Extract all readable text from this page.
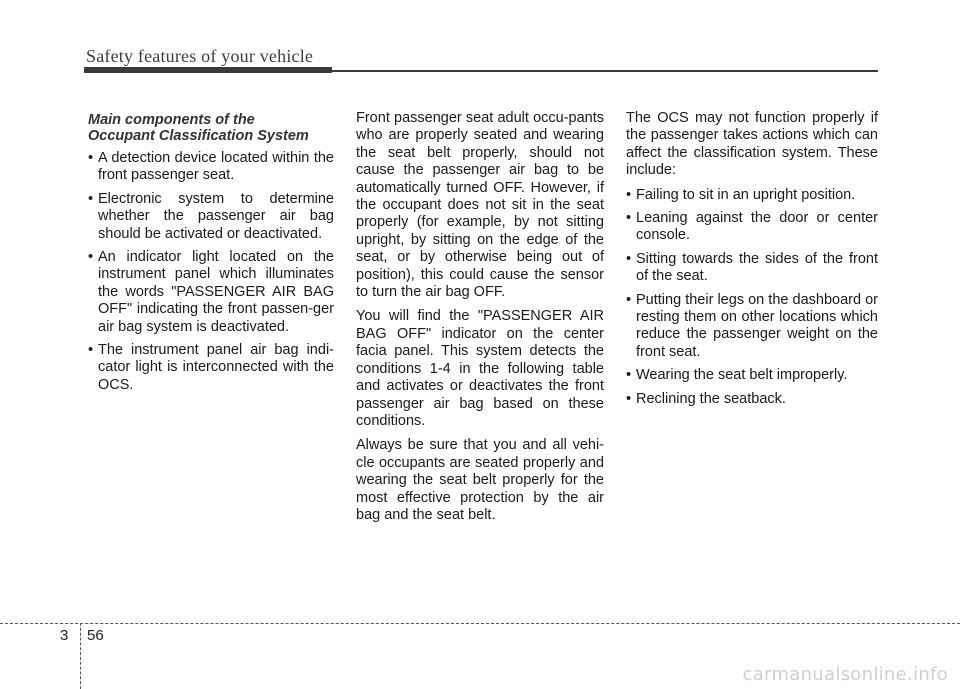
Safety features of your vehicle
Main components of the
Occupant Classification System
• A detection device located within the front passenger seat.
• Electronic system to determine whether the passenger air bag should be activated or deactivated.
• An indicator light located on the instrument panel which illuminates the words "PASSENGER AIR BAG OFF" indicating the front passen-ger air bag system is deactivated.
• The instrument panel air bag indi-cator light is interconnected with the OCS.

Front passenger seat adult occu-pants who are properly seated and wearing the seat belt properly, should not cause the passenger air bag to be automatically turned OFF. However, if the occupant does not sit in the seat properly (for example, by not sitting upright, by sitting on the edge of the seat, or by otherwise being out of position), this could cause the sensor to turn the air bag OFF.

You will find the "PASSENGER AIR BAG OFF" indicator on the center facia panel. This system detects the conditions 1-4 in the following table and activates or deactivates the front passenger air bag based on these conditions.

Always be sure that you and all vehi-cle occupants are seated properly and wearing the seat belt properly for the most effective protection by the air bag and the seat belt.

The OCS may not function properly if the passenger takes actions which can affect the classification system. These include:

• Failing to sit in an upright position.
• Leaning against the door or center console.
• Sitting towards the sides of the front of the seat.
• Putting their legs on the dashboard or resting them on other locations which reduce the passenger weight on the front seat.
• Wearing the seat belt improperly.
• Reclining the seatback.
3 56
carmanualsonline.info
